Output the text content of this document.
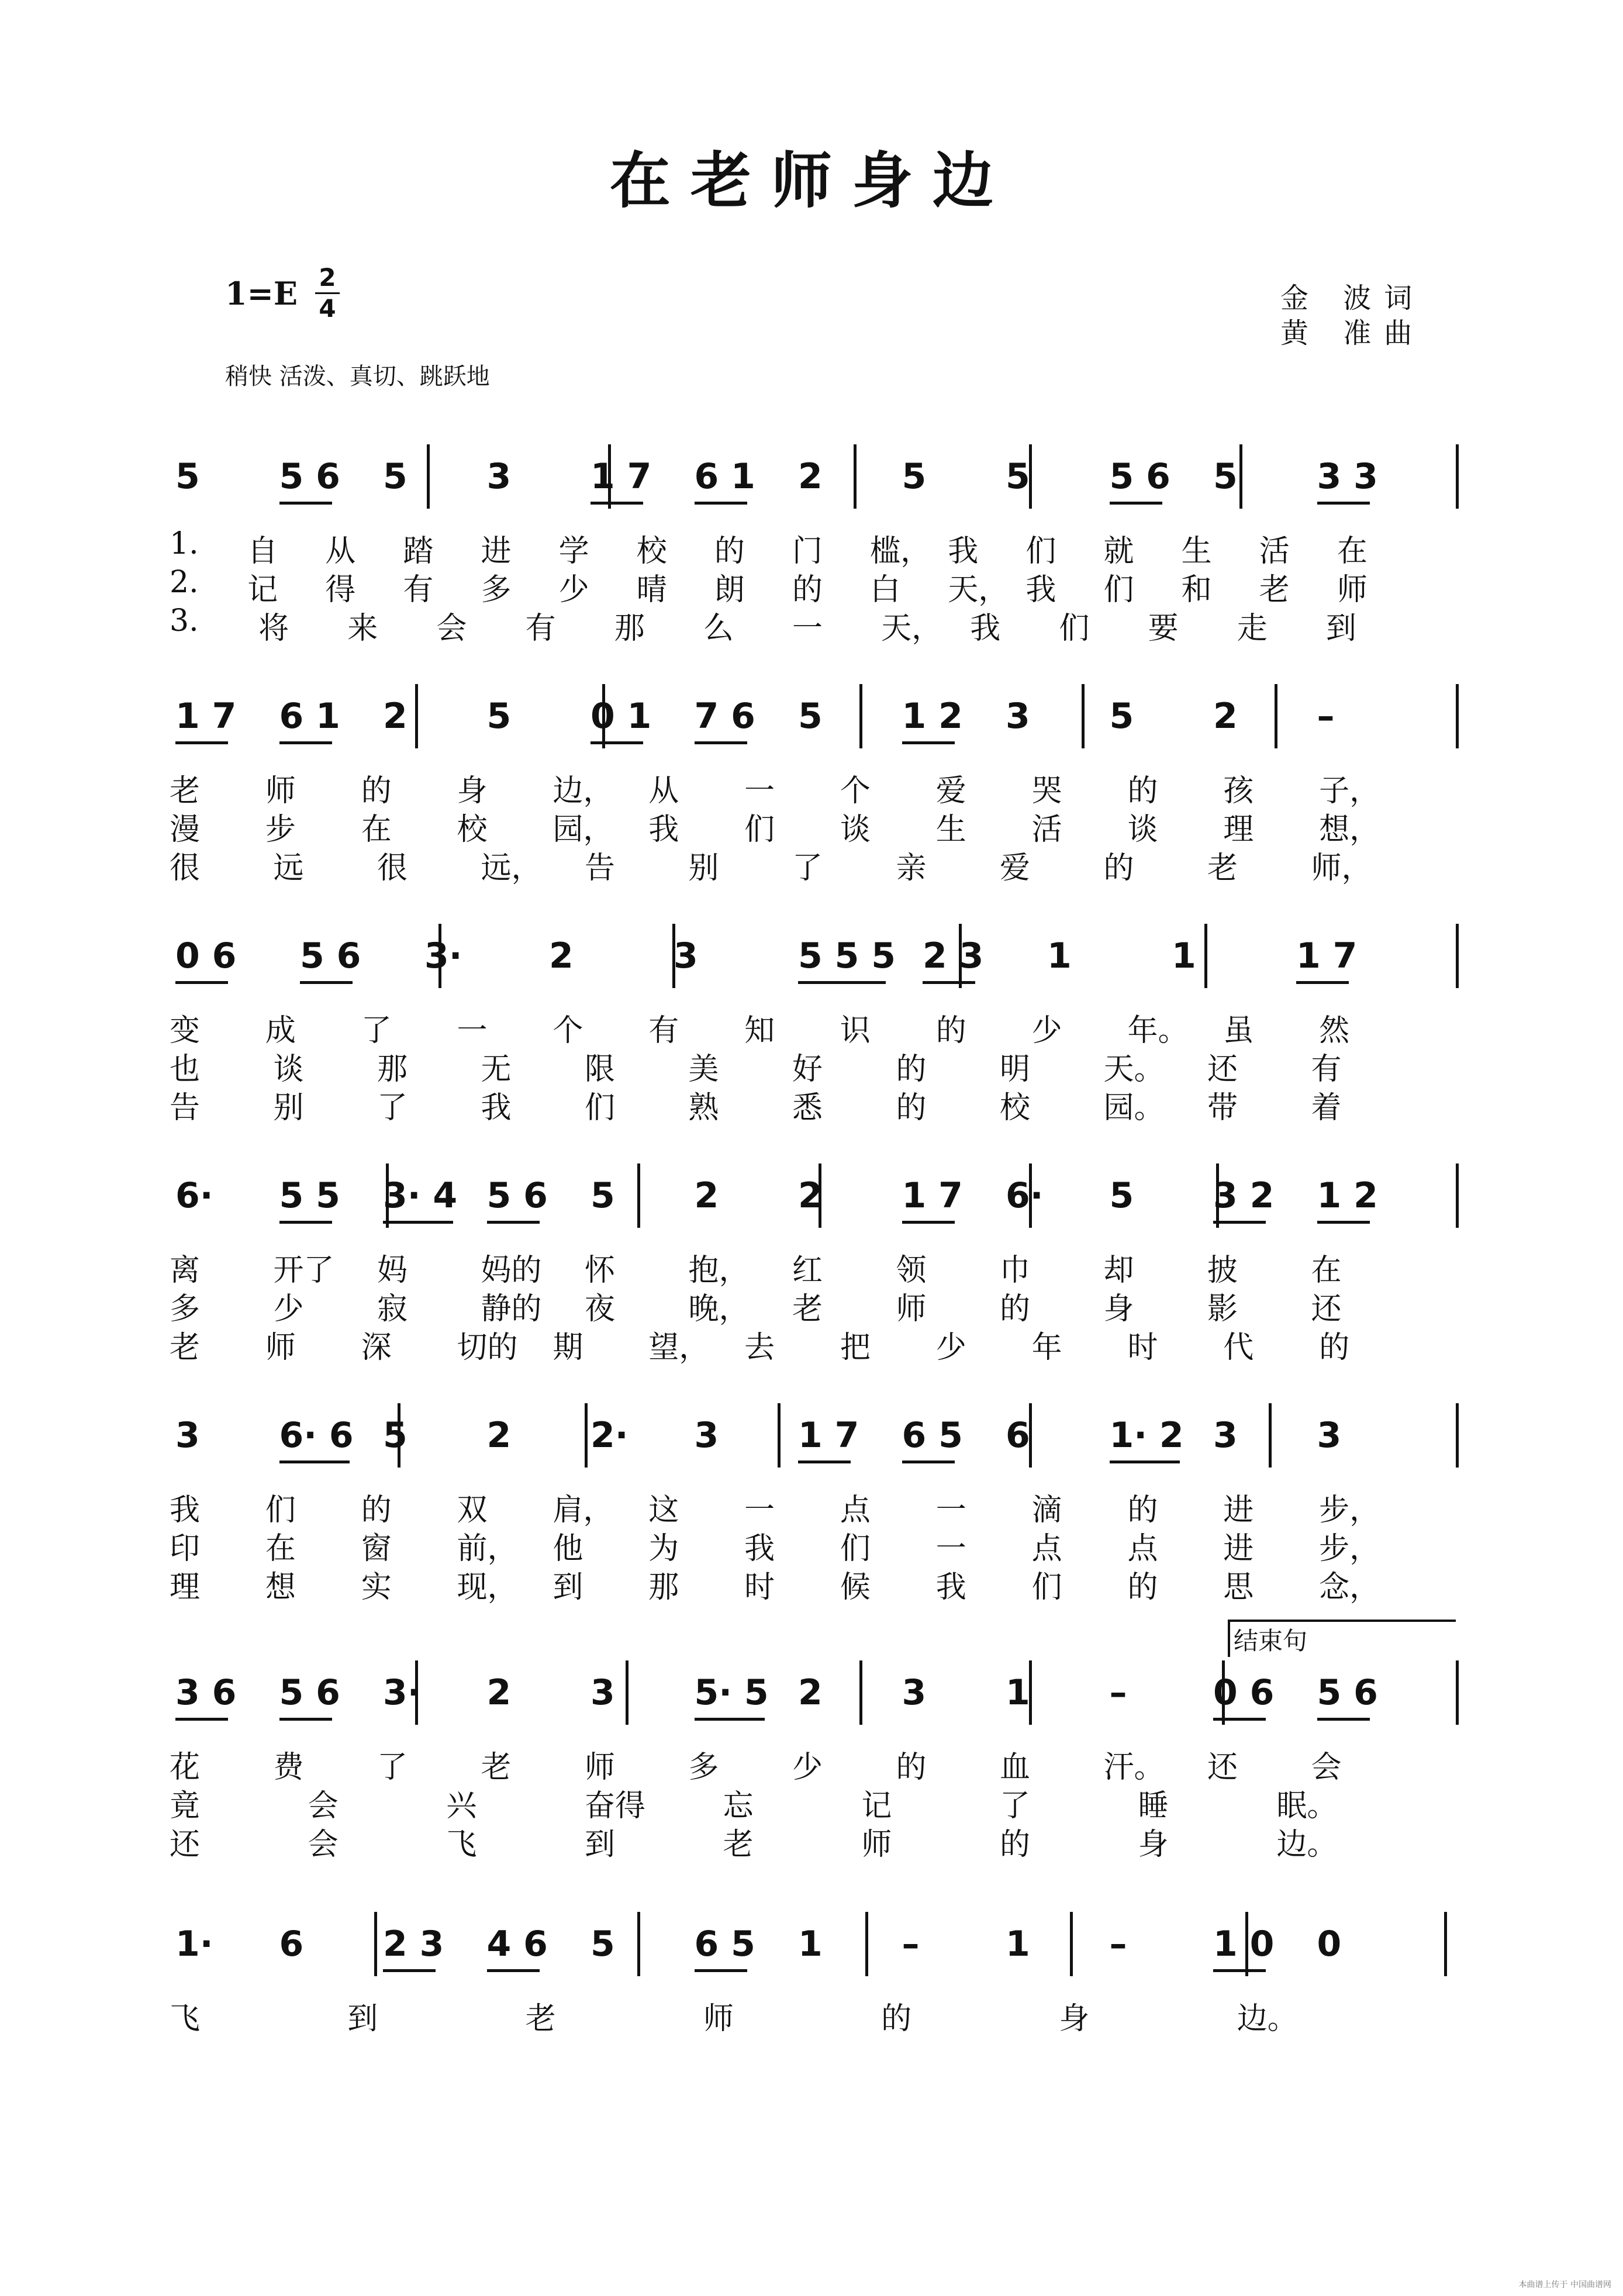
在老师身边
1=E 2
4
稍快 活泼、真切、跳跃地
金 波词
黄 准曲
5 5 6 5 3 1 7 6 1 2 5 5 5 6 5 3 3
1. 自 从 踏 进 学 校 的 门 槛， 我 们 就 生 活 在
2. 记 得 有 多 少 晴 朗 的 白 天， 我 们 和 老 师
3. 将 来 会 有 那 么 一 天， 我 们 要 走 到
1 7 6 1 2 5 0 1 7 6 5 1 2 3 5 2 –
老 师 的 身 边， 从 一 个 爱 哭 的 孩 子，
漫 步 在 校 园， 我 们 谈 生 活 谈 理 想，
很 远 很 远， 告 别 了 亲 爱 的 老 师，
0 6 5 6 3· 2	3	5 5 5 2 3 1	1	1 7
变 成 了 一 个 有 知 识 的 少 年。 虽 然
也 谈 那 无 限 美 好 的 明 天。 还 有
告 别 了 我 们 熟 悉 的 校 园。 带 着
6· 5 5 3· 4 5 6 5 2 2 1 7 6· 5 3 2 1 2
离 开了 妈 妈的 怀 抱， 红 领 巾 却 披 在
多 少 寂 静的 夜 晚， 老 师 的 身 影 还
老 师 深 切的 期 望， 去 把 少 年 时 代 的
3 6· 6 5 2 2· 3 1 7 6 5 6 1· 2 3 3
我 们 的 双 肩， 这 一 点 一 滴 的 进 步，
印 在 窗 前， 他 为 我 们 一 点 点 进 步，
理 想 实 现， 到 那 时 候 我 们 的 思 念，
3 6 5 6 3· 2 3 5· 5 2 3 1 – 0 6 5 6
结束句
花 费 了 老 师 多 少 的 血 汗。 还 会
竟	会	兴	奋得	忘	记	了	睡	眠。
还	会	飞	到	老	师	的	身	边。
1· 6 2 3 4 6 5 6 5 1 – 1 – 1 0 0
飞	到	老	师	的	身	边。
本曲谱上传于 中国曲谱网
